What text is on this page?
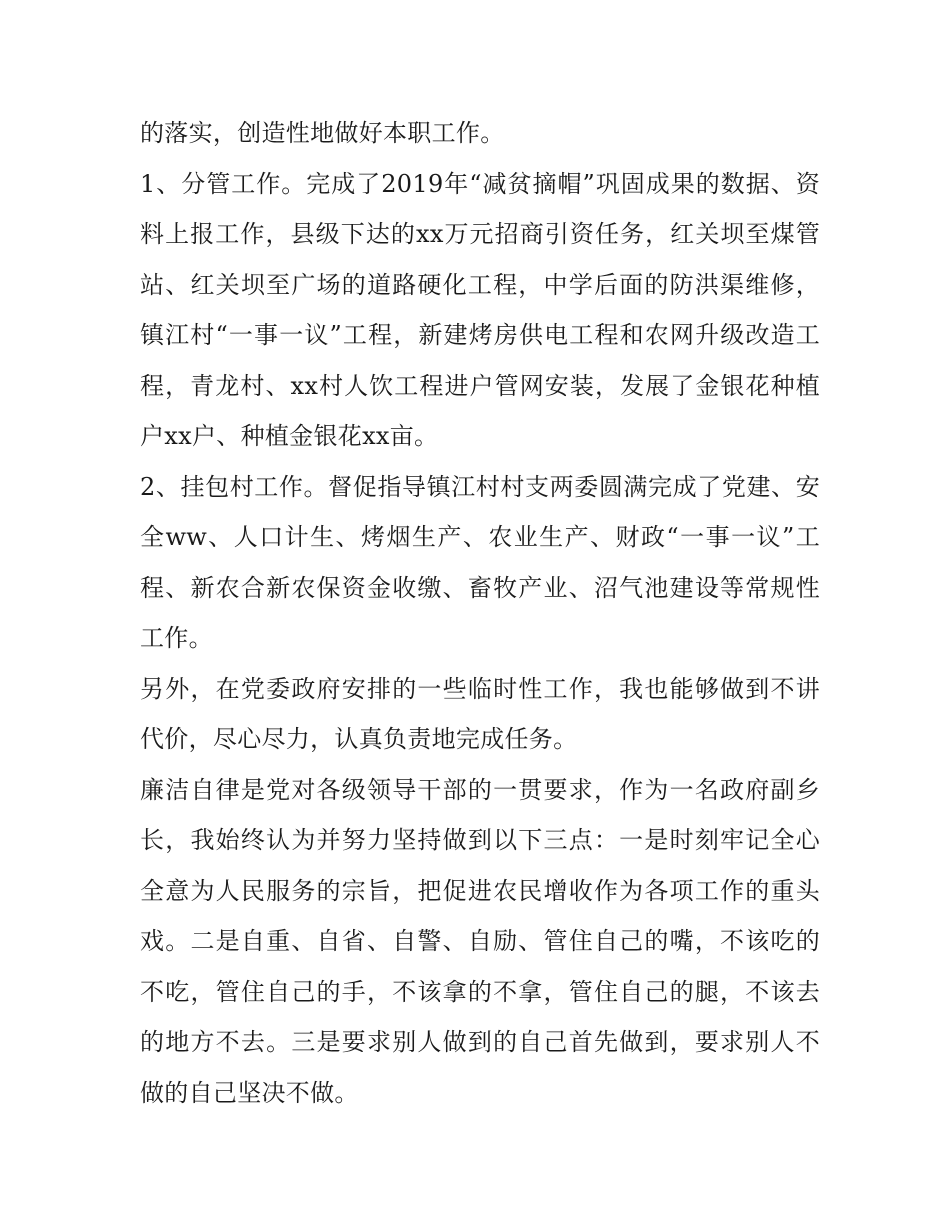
的落实，创造性地做好本职工作。

1、分管工作。完成了2019年“减贫摘帽”巩固成果的数据、资料上报工作，县级下达的xx万元招商引资任务，红关坝至煤管站、红关坝至广场的道路硬化工程，中学后面的防洪渠维修，镇江村“一事一议”工程，新建烤房供电工程和农网升级改造工程，青龙村、xx村人饮工程进户管网安装，发展了金银花种植户xx户、种植金银花xx亩。

2、挂包村工作。督促指导镇江村村支两委圆满完成了党建、安全ww、人口计生、烤烟生产、农业生产、财政“一事一议”工程、新农合新农保资金收缴、畜牧产业、沼气池建设等常规性工作。

另外，在党委政府安排的一些临时性工作，我也能够做到不讲代价，尽心尽力，认真负责地完成任务。

廉洁自律是党对各级领导干部的一贯要求，作为一名政府副乡长，我始终认为并努力坚持做到以下三点：一是时刻牢记全心全意为人民服务的宗旨，把促进农民增收作为各项工作的重头戏。二是自重、自省、自警、自励、管住自己的嘴，不该吃的不吃，管住自己的手，不该拿的不拿，管住自己的腿，不该去的地方不去。三是要求别人做到的自己首先做到，要求别人不做的自己坚决不做。
